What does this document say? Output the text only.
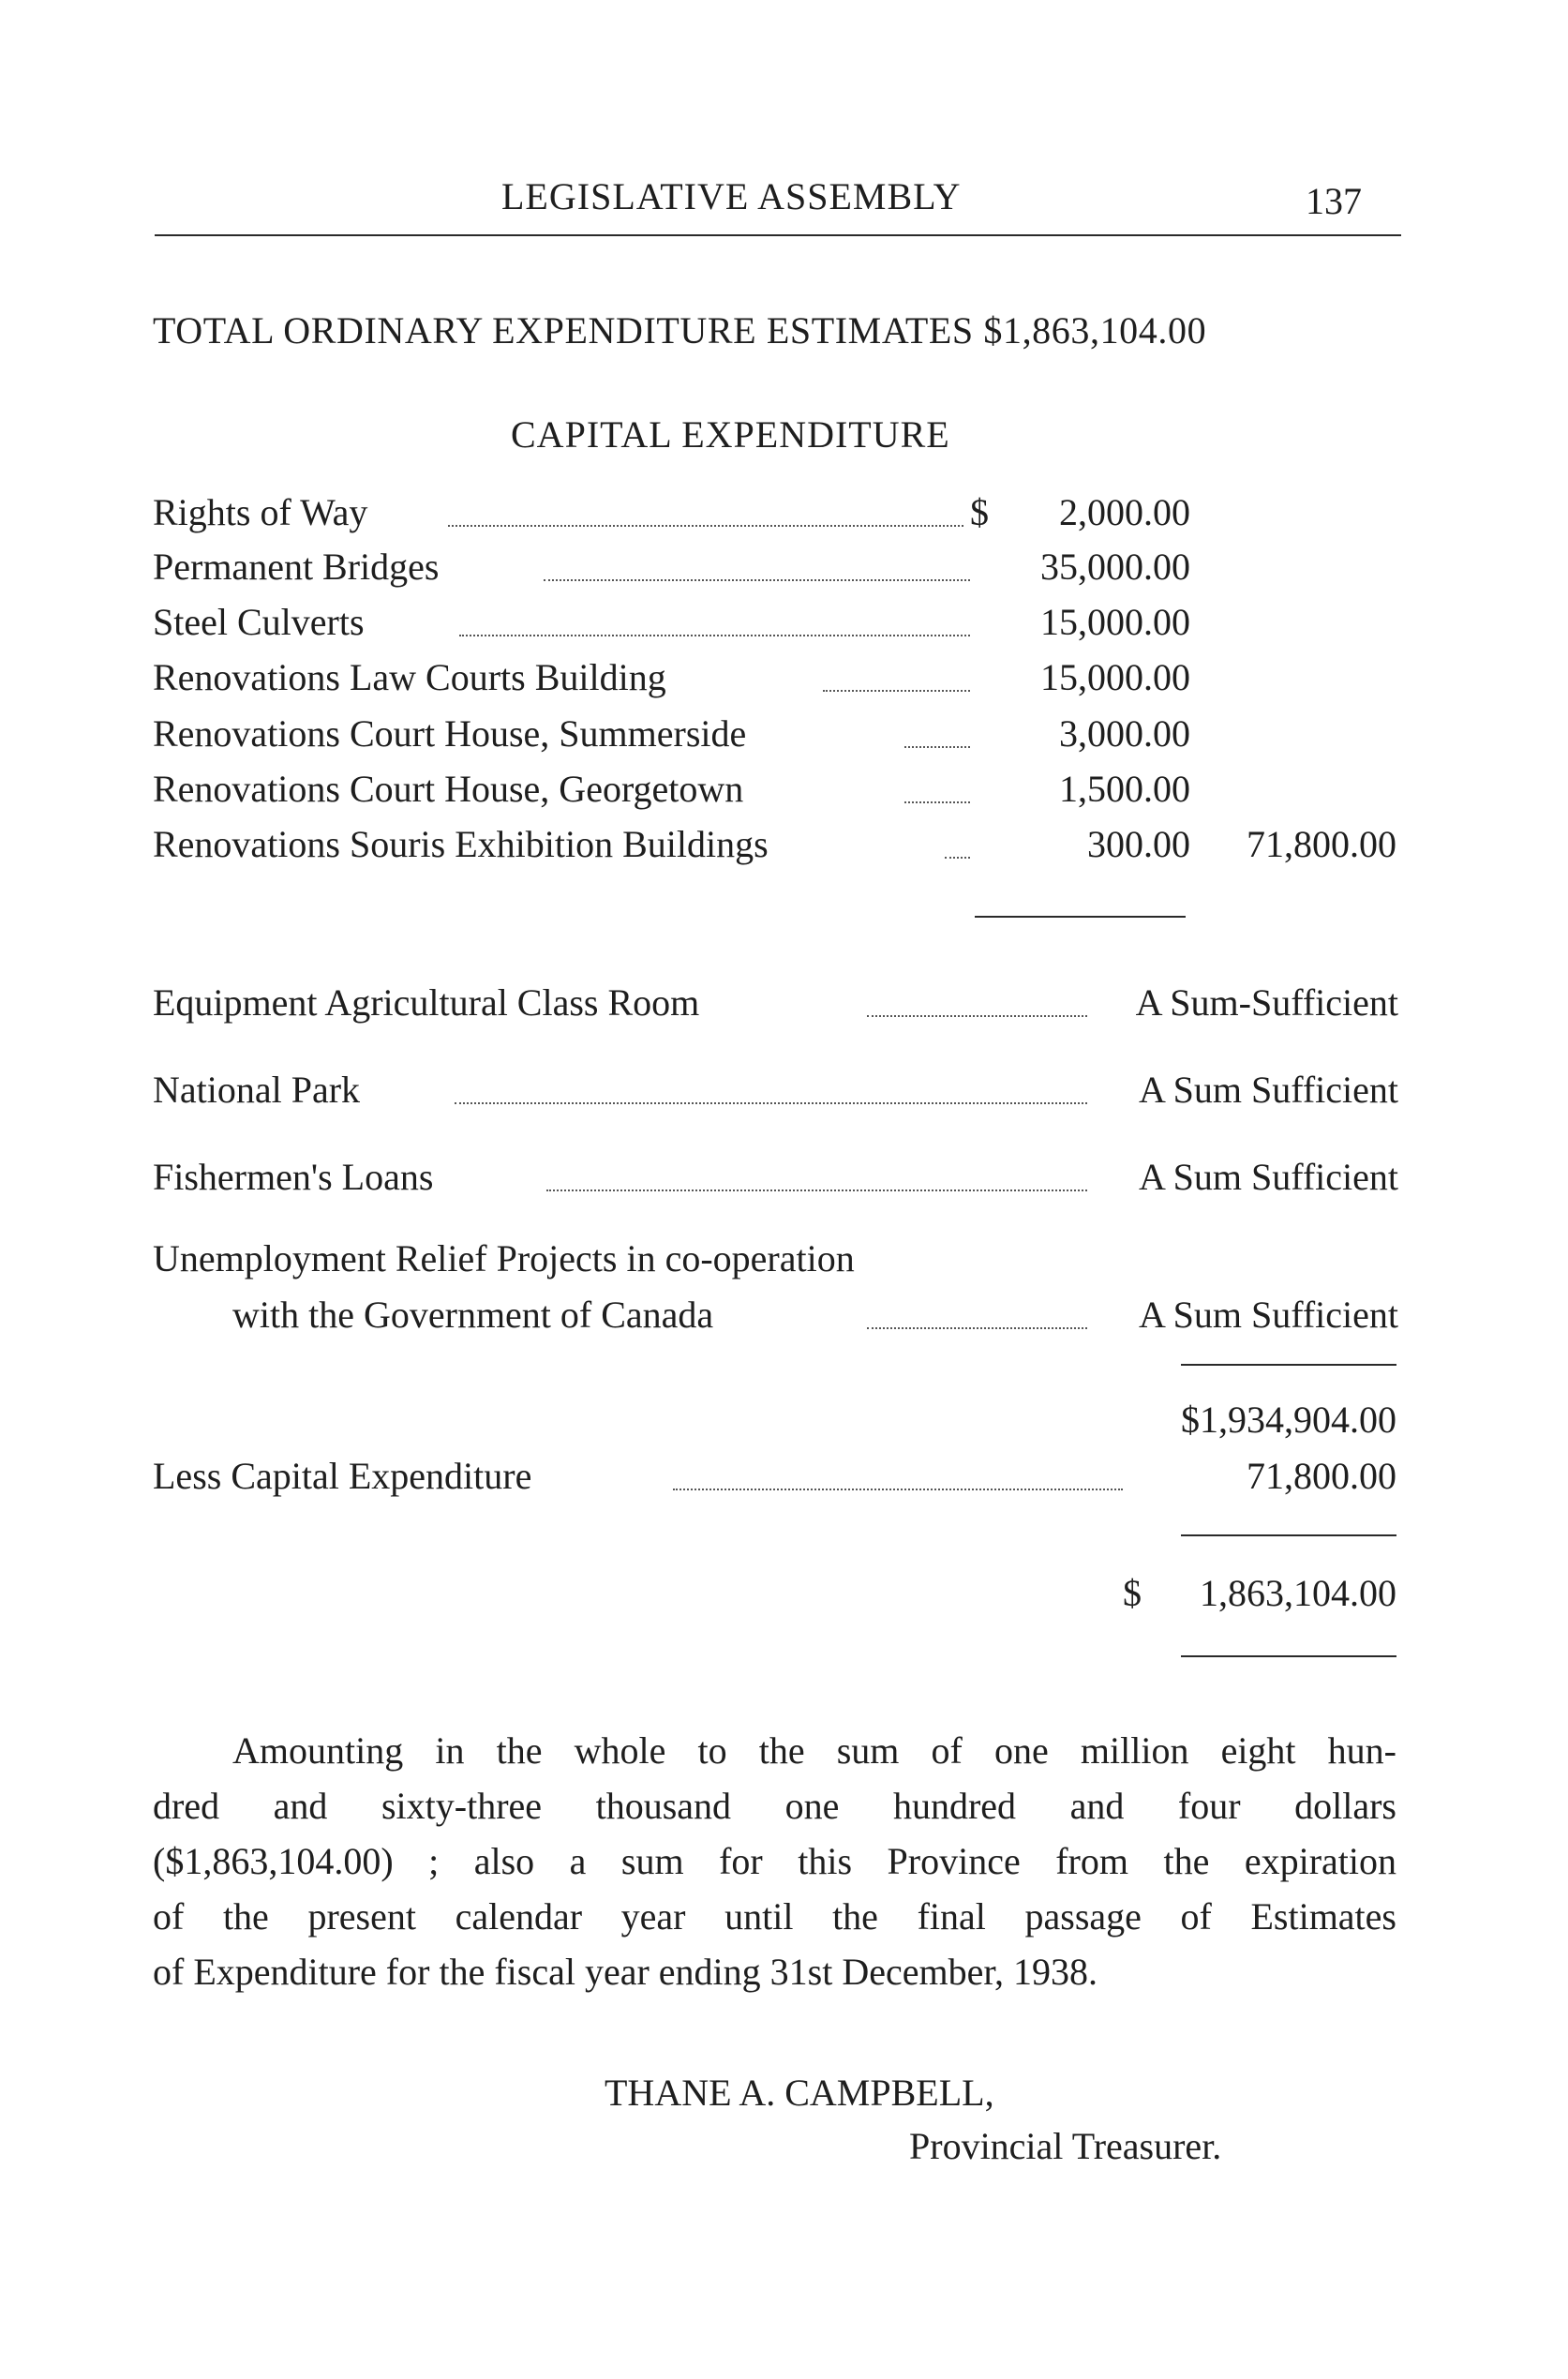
LEGISLATIVE ASSEMBLY	137
TOTAL ORDINARY EXPENDITURE ESTIMATES $1,863,104.00
CAPITAL EXPENDITURE
Rights of Way	$	2,000.00
Permanent Bridges	35,000.00
Steel Culverts	15,000.00
Renovations Law Courts Building	15,000.00
Renovations Court House, Summerside	3,000.00
Renovations Court House, Georgetown	1,500.00
Renovations Souris Exhibition Buildings	300.00	71,800.00
Equipment Agricultural Class Room	A Sum-Sufficient
National Park	A Sum Sufficient
Fishermen's Loans	A Sum Sufficient
Unemployment Relief Projects in co-operation
with the Government of Canada	A Sum Sufficient
$1,934,904.00
Less Capital Expenditure	71,800.00
$	1,863,104.00
Amounting in the whole to the sum of one million eight hun-
dred and sixty-three thousand one hundred and four dollars
($1,863,104.00) ; also a sum for this Province from the expiration
of the present calendar year until the final passage of Estimates
of Expenditure for the fiscal year ending 31st December, 1938.
THANE A. CAMPBELL,
Provincial Treasurer.
